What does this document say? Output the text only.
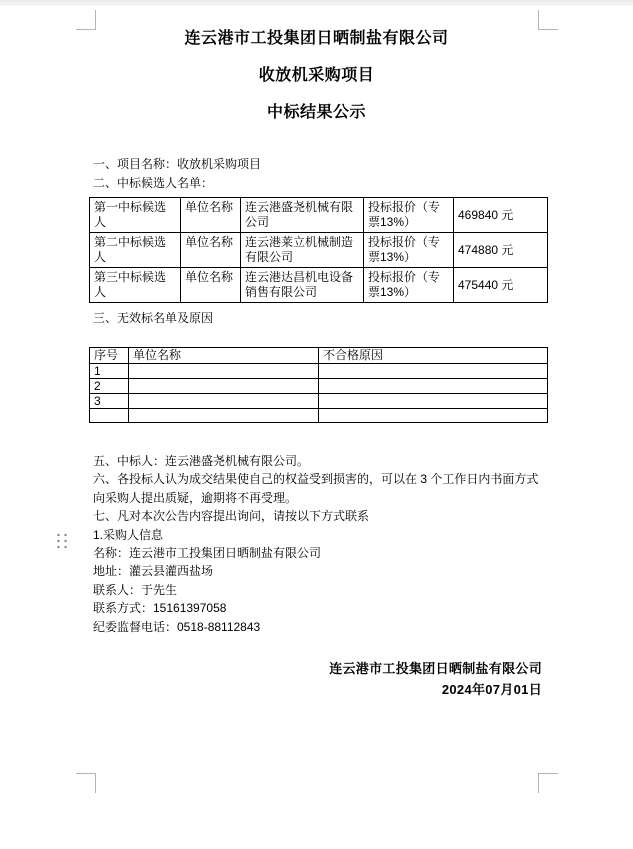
连云港市工投集团日晒制盐有限公司
收放机采购项目
中标结果公示
一、项目名称：收放机采购项目
二、中标候选人名单：
第一中标候选人	单位名称	连云港盛尧机械有限公司	投标报价（专票13%）	469840 元
第二中标候选人	单位名称	连云港莱立机械制造有限公司	投标报价（专票13%）	474880 元
第三中标候选人	单位名称	连云港达昌机电设备销售有限公司	投标报价（专票13%）	475440 元
三、无效标名单及原因
序号	单位名称	不合格原因
1		
2		
3		

五、中标人：连云港盛尧机械有限公司。
六、各投标人认为成交结果使自己的权益受到损害的，可以在 3 个工作日内书面方式向采购人提出质疑，逾期将不再受理。
七、凡对本次公告内容提出询问，请按以下方式联系
1.采购人信息
名称：连云港市工投集团日晒制盐有限公司
地址：灌云县灌西盐场
联系人：于先生
联系方式：15161397058
纪委监督电话：0518-88112843
连云港市工投集团日晒制盐有限公司
2024年07月01日
